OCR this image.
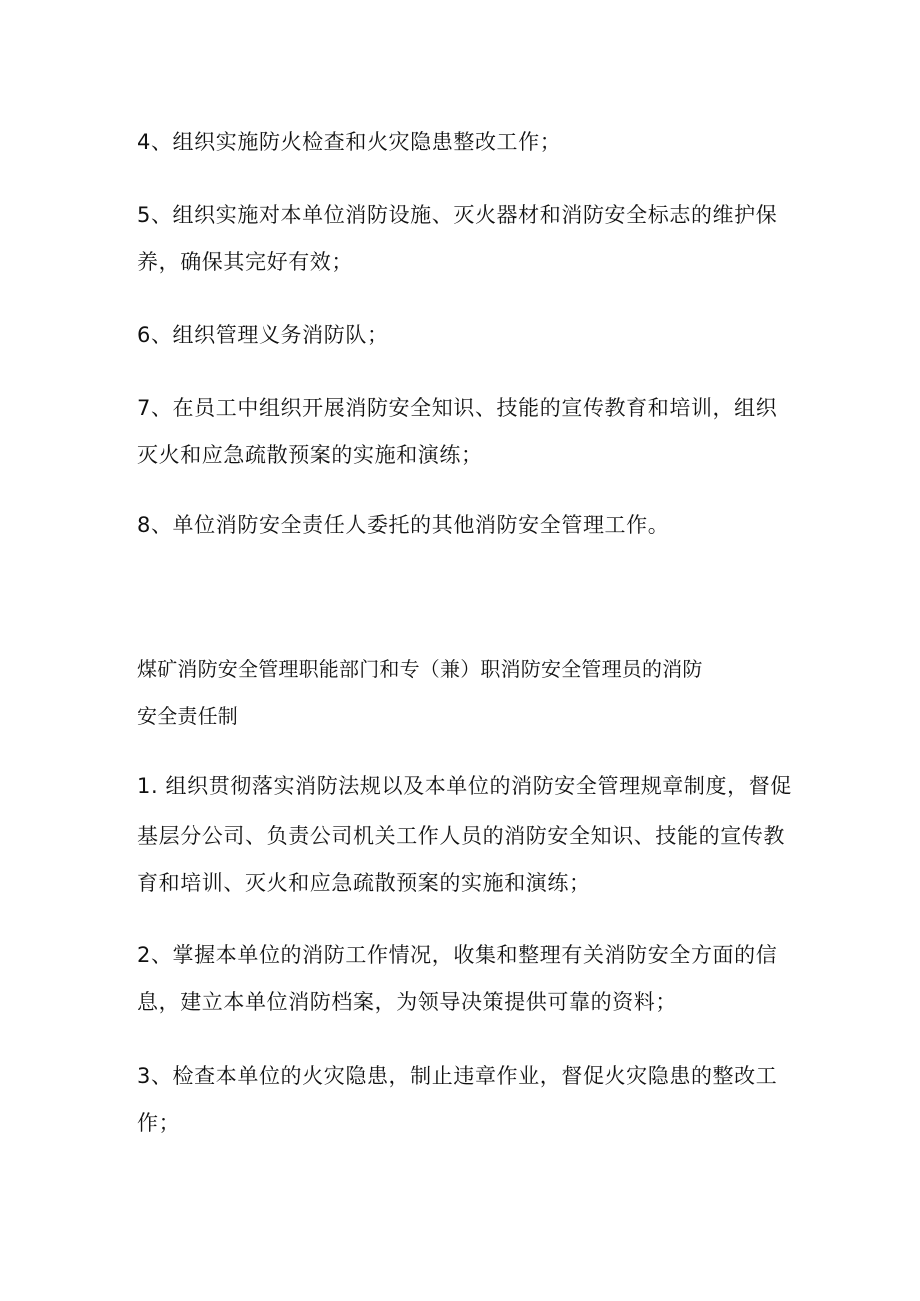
4、组织实施防火检查和火灾隐患整改工作；

5、组织实施对本单位消防设施、灭火器材和消防安全标志的维护保

养，确保其完好有效；

6、组织管理义务消防队；

7、在员工中组织开展消防安全知识、技能的宣传教育和培训，组织

灭火和应急疏散预案的实施和演练；

8、单位消防安全责任人委托的其他消防安全管理工作。

煤矿消防安全管理职能部门和专（兼）职消防安全管理员的消防

安全责任制

1. 组织贯彻落实消防法规以及本单位的消防安全管理规章制度，督促

基层分公司、负责公司机关工作人员的消防安全知识、技能的宣传教

育和培训、灭火和应急疏散预案的实施和演练；

2、掌握本单位的消防工作情况，收集和整理有关消防安全方面的信

息，建立本单位消防档案，为领导决策提供可靠的资料；

3、检查本单位的火灾隐患，制止违章作业，督促火灾隐患的整改工

作；
